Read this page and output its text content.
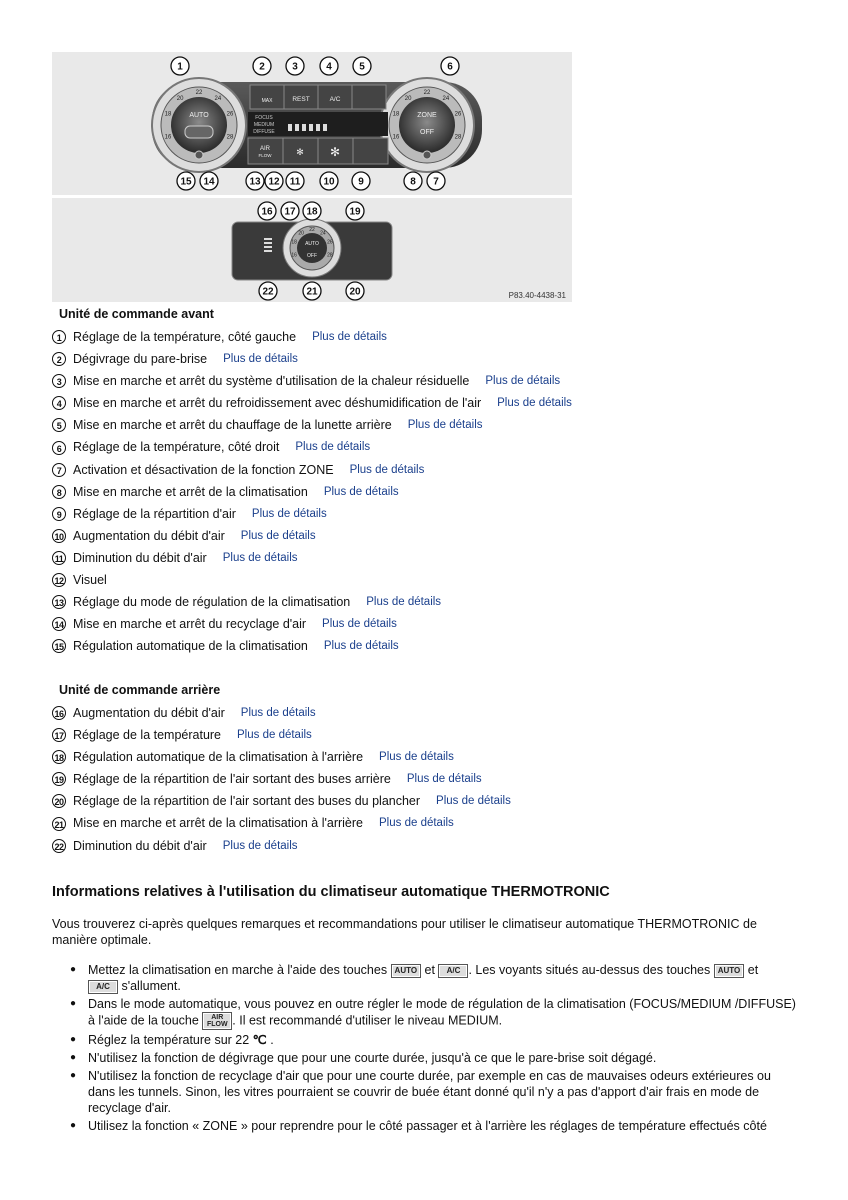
AUTO
22
20	24
18	26
16	28
ZONE
OFF
22
20	24
18	26
16	28
MAX	REST	A/C
FOCUS
MEDIUM
DIFFUSE
AIR
FLOW	✻ ✻
1	2	3	4	5	6
15 14	13 12 11 10 9	8 7
AUTO
OFF
22
20	24
18	26
16	28
16 17 18	19
22	21	20	P83.40-4438-31
Unité de commande avant
1 Réglage de la température, côté gauche Plus de détails
2 Dégivrage du pare-brise Plus de détails
3 Mise en marche et arrêt du système d'utilisation de la chaleur résiduelle Plus de détails
4 Mise en marche et arrêt du refroidissement avec déshumidification de l'air Plus de détails
5 Mise en marche et arrêt du chauffage de la lunette arrière Plus de détails
6 Réglage de la température, côté droit Plus de détails
7 Activation et désactivation de la fonction ZONE Plus de détails
8 Mise en marche et arrêt de la climatisation Plus de détails
9 Réglage de la répartition d'air Plus de détails
10 Augmentation du débit d'air Plus de détails
11 Diminution du débit d'air Plus de détails
12 Visuel
13 Réglage du mode de régulation de la climatisation Plus de détails
14 Mise en marche et arrêt du recyclage d'air Plus de détails
15 Régulation automatique de la climatisation Plus de détails
Unité de commande arrière
16 Augmentation du débit d'air Plus de détails
17 Réglage de la température Plus de détails
18 Régulation automatique de la climatisation à l'arrière Plus de détails
19 Réglage de la répartition de l'air sortant des buses arrière Plus de détails
20 Réglage de la répartition de l'air sortant des buses du plancher Plus de détails
21 Mise en marche et arrêt de la climatisation à l'arrière Plus de détails
22 Diminution du débit d'air Plus de détails
Informations relatives à l'utilisation du climatiseur automatique THERMOTRONIC

Vous trouverez ci-après quelques remarques et recommandations pour utiliser le climatiseur automatique THERMOTRONIC de manière optimale.

● Mettez la climatisation en marche à l'aide des touches AUTO et A/C . Les voyants situés au-dessus des touches AUTO et
A/C s'allument.
● Dans le mode automatique, vous pouvez en outre régler le mode de régulation de la climatisation (FOCUS/MEDIUM /DIFFUSE) à l'aide de la touche AIR
FLOW . Il est recommandé d'utiliser le niveau MEDIUM.
● Réglez la température sur 22 ℃ .
● N'utilisez la fonction de dégivrage que pour une courte durée, jusqu'à ce que le pare-brise soit dégagé.
● N'utilisez la fonction de recyclage d'air que pour une courte durée, par exemple en cas de mauvaises odeurs extérieures ou dans les tunnels. Sinon, les vitres pourraient se couvrir de buée étant donné qu'il n'y a pas d'apport d'air frais en mode de recyclage d'air.
● Utilisez la fonction « ZONE » pour reprendre pour le côté passager et à l'arrière les réglages de température effectués côté
